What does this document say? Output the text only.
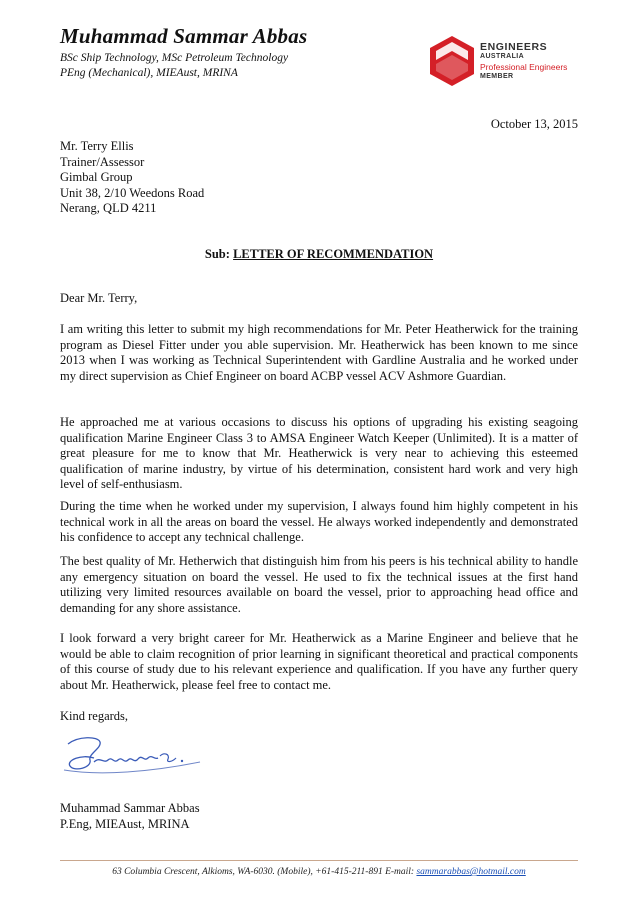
Muhammad Sammar Abbas
BSc Ship Technology, MSc Petroleum Technology
PEng (Mechanical), MIEAust, MRINA
ENGINEERS
AUSTRALIA
Professional Engineers
MEMBER
October 13, 2015
Mr. Terry Ellis
Trainer/Assessor
Gimbal Group
Unit 38, 2/10 Weedons Road
Nerang, QLD 4211
Sub: LETTER OF RECOMMENDATION
Dear Mr. Terry,

I am writing this letter to submit my high recommendations for Mr. Peter Heatherwick for the training program as Diesel Fitter under you able supervision. Mr. Heatherwick has been known to me since 2013 when I was working as Technical Superintendent with Gardline Australia and he worked under my direct supervision as Chief Engineer on board ACBP vessel ACV Ashmore Guardian.

He approached me at various occasions to discuss his options of upgrading his existing seagoing qualification Marine Engineer Class 3 to AMSA Engineer Watch Keeper (Unlimited). It is a matter of great pleasure for me to know that Mr. Heatherwick is very near to achieving this esteemed qualification of marine industry, by virtue of his determination, consistent hard work and very high level of self-enthusiasm.

During the time when he worked under my supervision, I always found him highly competent in his technical work in all the areas on board the vessel. He always worked independently and demonstrated his confidence to accept any technical challenge.

The best quality of Mr. Hetherwich that distinguish him from his peers is his technical ability to handle any emergency situation on board the vessel. He used to fix the technical issues at the first hand utilizing very limited resources available on board the vessel, prior to approaching head office and demanding for any shore assistance.

I look forward a very bright career for Mr. Heatherwick as a Marine Engineer and believe that he would be able to claim recognition of prior learning in significant theoretical and practical components of this course of study due to his relevant experience and qualification. If you have any further query about Mr. Heatherwick, please feel free to contact me.

Kind regards,
Muhammad Sammar Abbas
P.Eng, MIEAust, MRINA
63 Columbia Crescent, Alkioms, WA-6030. (Mobile), +61-415-211-891 E-mail: sammarabbas@hotmail.com
